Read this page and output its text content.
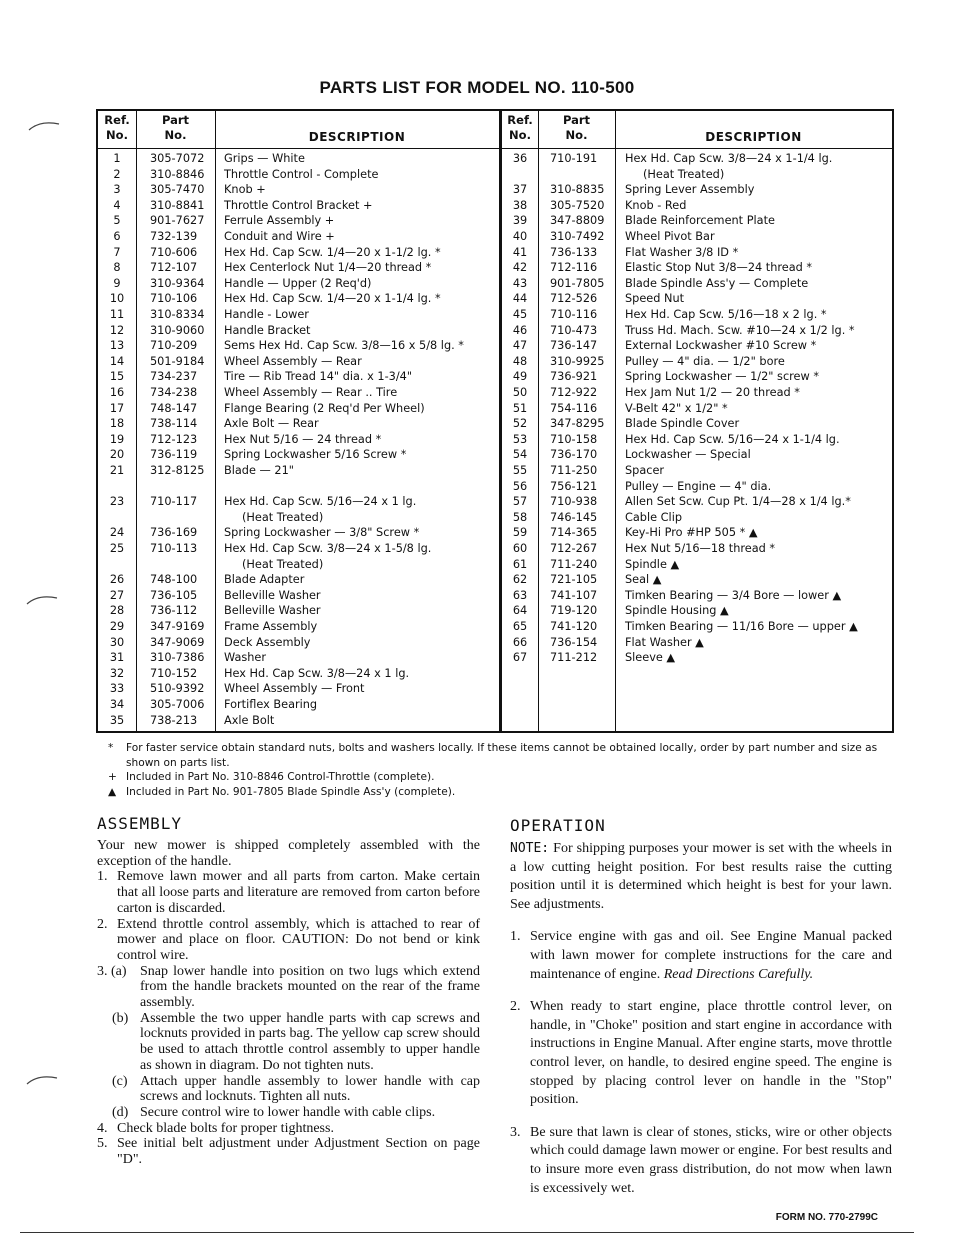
PARTS LIST FOR MODEL NO. 110-500
Ref.
No.
Part
No.	DESCRIPTION
1	305-7072 Grips — White
2	310-8846 Throttle Control - Complete
3	305-7470 Knob +
4	310-8841 Throttle Control Bracket +
5	901-7627 Ferrule Assembly +
6	732-139 Conduit and Wire +
7	710-606 Hex Hd. Cap Scw. 1/4—20 x 1-1/2 lg. *
8	712-107 Hex Centerlock Nut 1/4—20 thread *
9	310-9364 Handle — Upper (2 Req'd)
10	710-106 Hex Hd. Cap Scw. 1/4—20 x 1-1/4 lg. *
11	310-8334 Handle - Lower
12	310-9060 Handle Bracket
13	710-209 Sems Hex Hd. Cap Scw. 3/8—16 x 5/8 lg. *
14	501-9184 Wheel Assembly — Rear
15	734-237 Tire — Rib Tread 14" dia. x 1-3/4"
16	734-238 Wheel Assembly — Rear .. Tire
17	748-147 Flange Bearing (2 Req'd Per Wheel)
18	738-114 Axle Bolt — Rear
19	712-123 Hex Nut 5/16 — 24 thread *
20	736-119 Spring Lockwasher 5/16 Screw *
21	312-8125 Blade — 21"
23	710-117 Hex Hd. Cap Scw. 5/16—24 x 1 lg.
(Heat Treated)
24	736-169 Spring Lockwasher — 3/8" Screw *
25	710-113 Hex Hd. Cap Scw. 3/8—24 x 1-5/8 lg.
(Heat Treated)
26	748-100 Blade Adapter
27	736-105 Belleville Washer
28	736-112 Belleville Washer
29	347-9169 Frame Assembly
30	347-9069 Deck Assembly
31	310-7386 Washer
32	710-152 Hex Hd. Cap Scw. 3/8—24 x 1 lg.
33	510-9392 Wheel Assembly — Front
34	305-7006 Fortiflex Bearing
35	738-213 Axle Bolt
Ref.
No.
Part
No.	DESCRIPTION
36	710-191 Hex Hd. Cap Scw. 3/8—24 x 1-1/4 lg.
(Heat Treated)
37	310-8835 Spring Lever Assembly
38	305-7520 Knob - Red
39	347-8809 Blade Reinforcement Plate
40	310-7492 Wheel Pivot Bar
41	736-133 Flat Washer 3/8 ID *
42	712-116 Elastic Stop Nut 3/8—24 thread *
43	901-7805 Blade Spindle Ass'y — Complete
44	712-526 Speed Nut
45	710-116 Hex Hd. Cap Scw. 5/16—18 x 2 lg. *
46	710-473 Truss Hd. Mach. Scw. #10—24 x 1/2 lg. *
47	736-147 External Lockwasher #10 Screw *
48	310-9925 Pulley — 4" dia. — 1/2" bore
49	736-921 Spring Lockwasher — 1/2" screw *
50	712-922 Hex Jam Nut 1/2 — 20 thread *
51	754-116 V-Belt 42" x 1/2" *
52	347-8295 Blade Spindle Cover
53	710-158 Hex Hd. Cap Scw. 5/16—24 x 1-1/4 lg.
54	736-170 Lockwasher — Special
55	711-250 Spacer
56	756-121 Pulley — Engine — 4" dia.
57	710-938 Allen Set Scw. Cup Pt. 1/4—28 x 1/4 lg.*
58	746-145 Cable Clip
59	714-365 Key-Hi Pro #HP 505 * ▲
60	712-267 Hex Nut 5/16—18 thread *
61	711-240 Spindle ▲
62	721-105 Seal ▲
63	741-107 Timken Bearing — 3/4 Bore — lower ▲
64	719-120 Spindle Housing ▲
65	741-120 Timken Bearing — 11/16 Bore — upper ▲
66	736-154 Flat Washer ▲
67	711-212 Sleeve ▲
* For faster service obtain standard nuts, bolts and washers locally. If these items cannot be obtained locally, order by part number and size as shown on parts list.
+ Included in Part No. 310-8846 Control-Throttle (complete).
▲ Included in Part No. 901-7805 Blade Spindle Ass'y (complete).
ASSEMBLY

Your new mower is shipped completely assembled with the exception of the handle.

1. Remove lawn mower and all parts from carton. Make certain that all loose parts and literature are removed from carton before carton is discarded.
2. Extend throttle control assembly, which is attached to rear of mower and place on floor. CAUTION: Do not bend or kink control wire.
3. (a) Snap lower handle into position on two lugs which extend from the handle brackets mounted on the rear of the frame assembly.
(b) Assemble the two upper handle parts with cap screws and locknuts provided in parts bag. The yellow cap screw should be used to attach throttle control assembly to upper handle as shown in diagram. Do not tighten nuts.
(c) Attach upper handle assembly to lower handle with cap screws and locknuts. Tighten all nuts.
(d) Secure control wire to lower handle with cable clips.
4. Check blade bolts for proper tightness.
5. See initial belt adjustment under Adjustment Section on page "D".
OPERATION

NOTE: For shipping purposes your mower is set with the wheels in a low cutting height position. For best results raise the cutting position until it is determined which height is best for your lawn. See adjustments.

1. Service engine with gas and oil. See Engine Manual packed with lawn mower for complete instructions for the care and maintenance of engine. Read Directions Carefully.
2. When ready to start engine, place throttle control lever, on handle, in "Choke" position and start engine in accordance with instructions in Engine Manual. After engine starts, move throttle control lever, on handle, to desired engine speed. The engine is stopped by placing control lever on handle in the "Stop" position.
3. Be sure that lawn is clear of stones, sticks, wire or other objects which could damage lawn mower or engine. For best results and to insure more even grass distribution, do not mow when lawn is excessively wet.
FORM NO. 770-2799C
